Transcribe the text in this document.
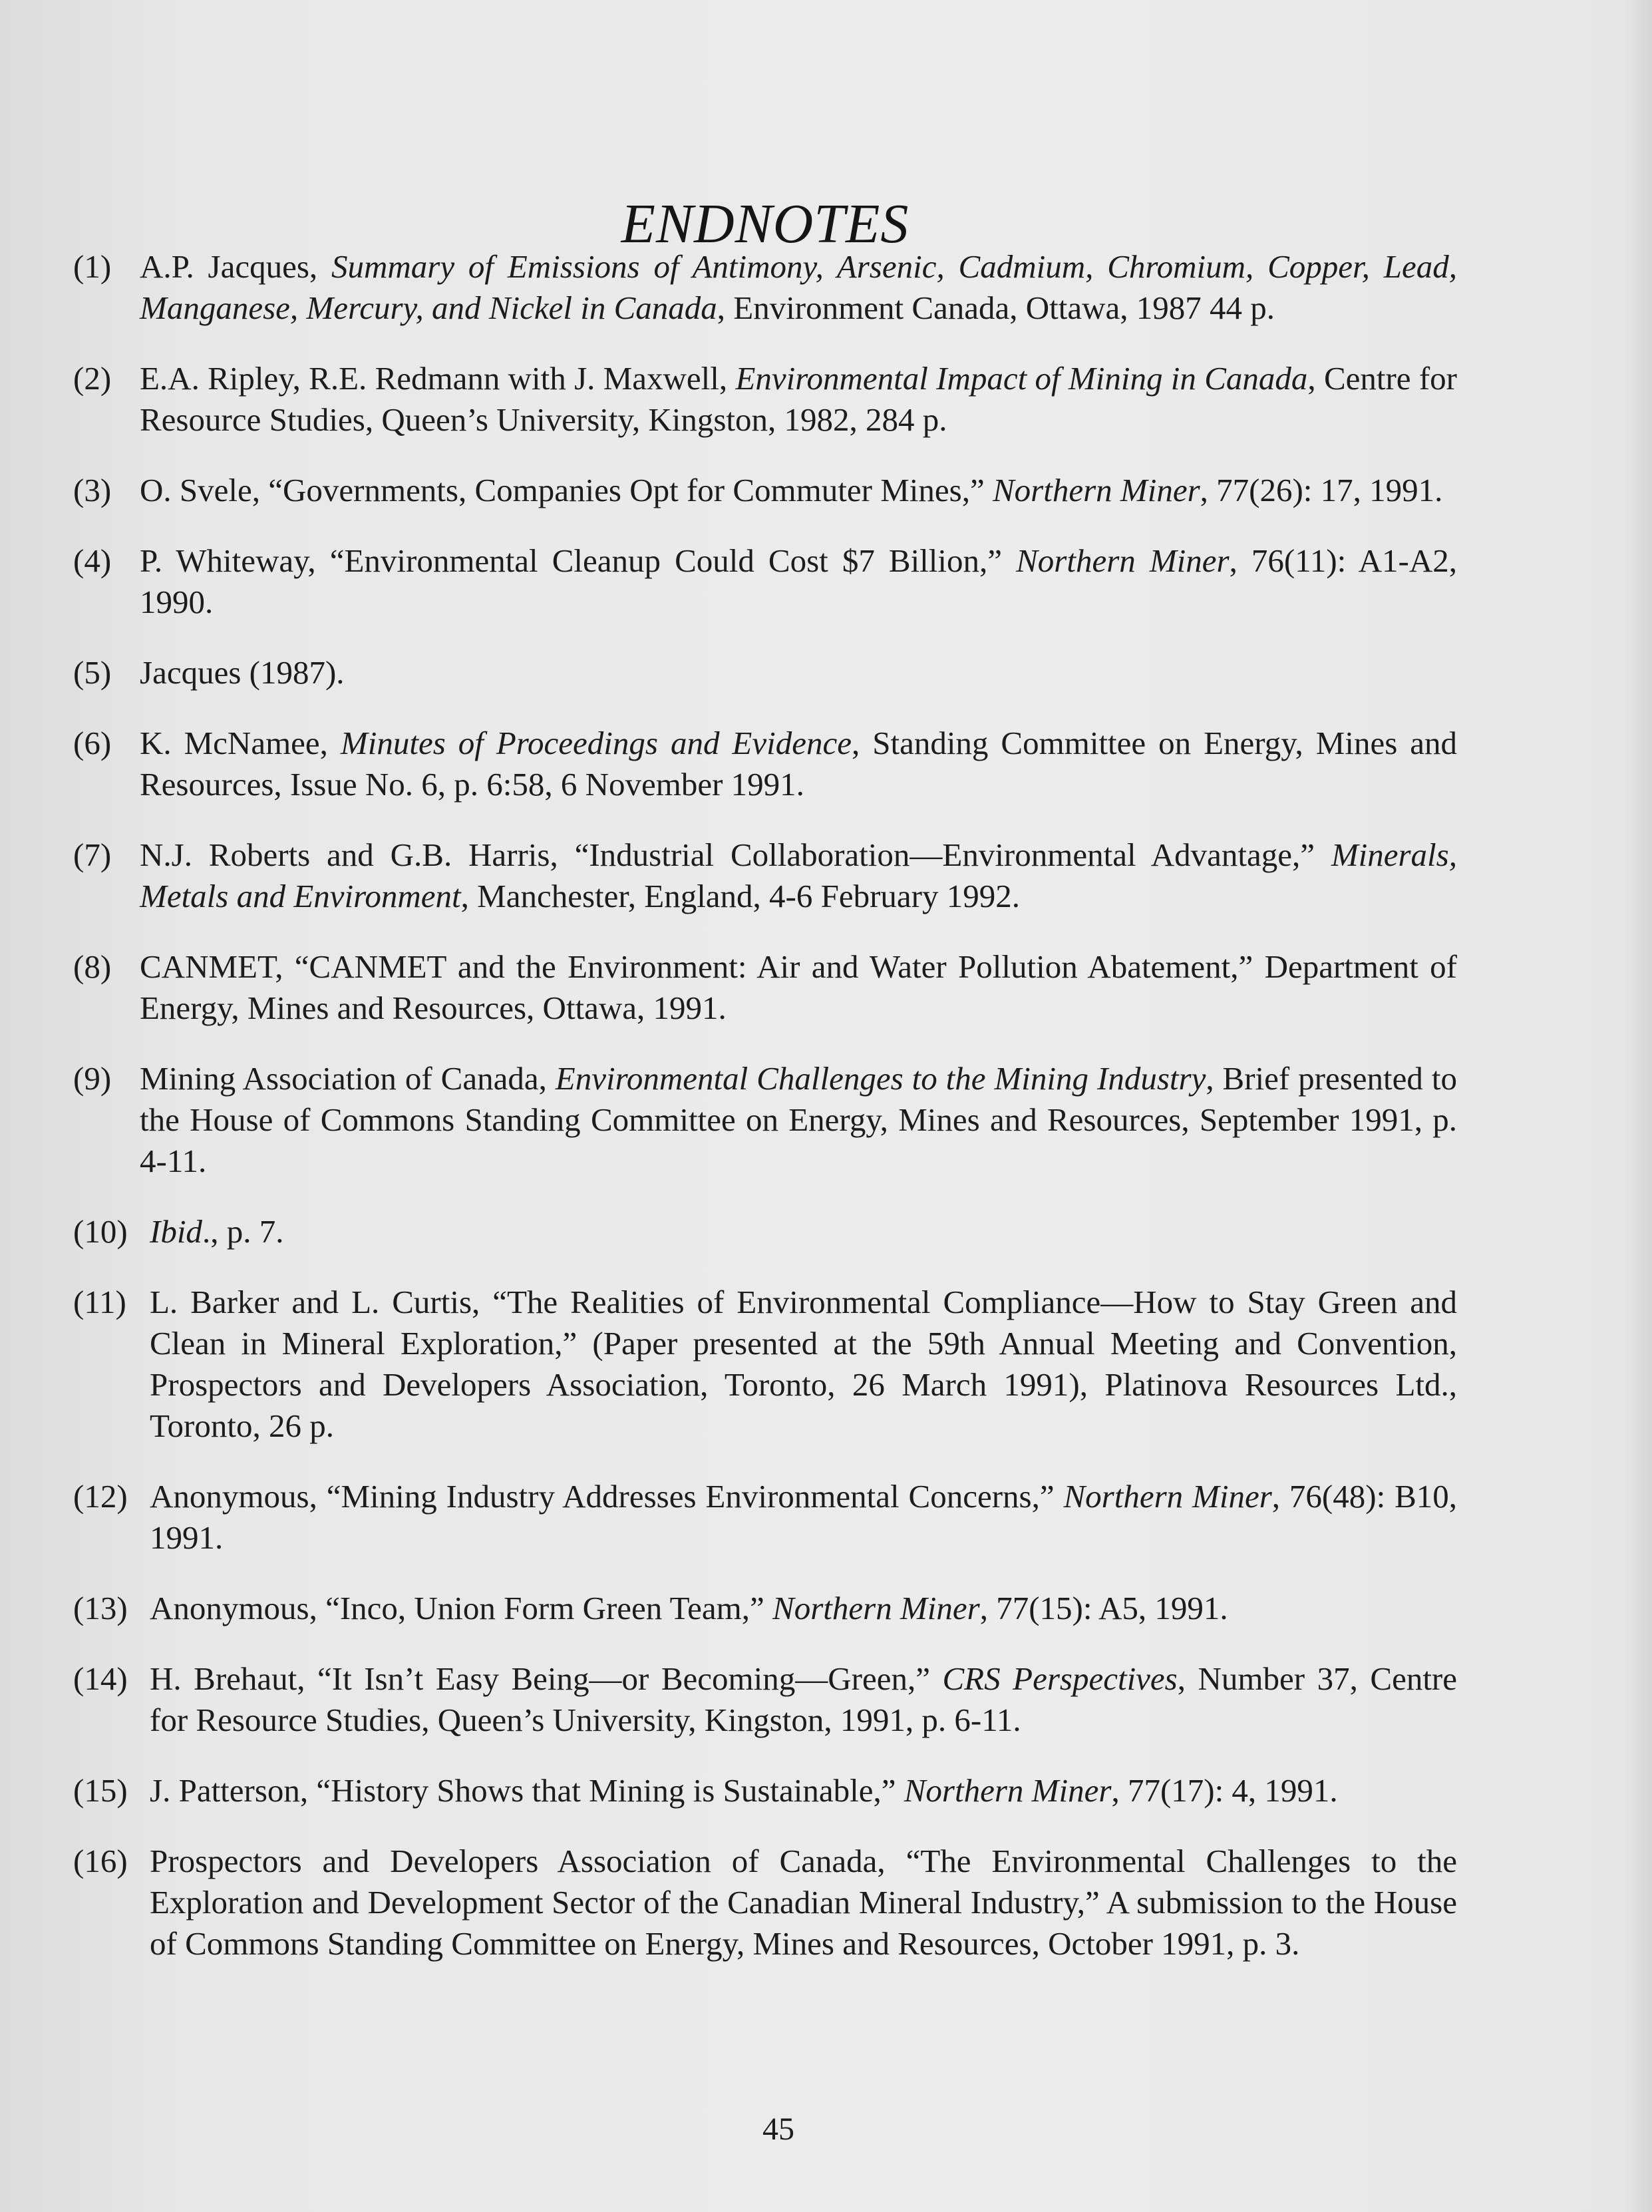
ENDNOTES
(1) A.P. Jacques, Summary of Emissions of Antimony, Arsenic, Cadmium, Chromium, Copper, Lead, Manganese, Mercury, and Nickel in Canada, Environment Canada, Ottawa, 1987 44 p.
(2) E.A. Ripley, R.E. Redmann with J. Maxwell, Environmental Impact of Mining in Canada, Centre for Resource Studies, Queen’s University, Kingston, 1982, 284 p.
(3) O. Svele, “Governments, Companies Opt for Commuter Mines,” Northern Miner, 77(26): 17, 1991.
(4) P. Whiteway, “Environmental Cleanup Could Cost $7 Billion,” Northern Miner, 76(11): A1-A2, 1990.
(5) Jacques (1987).
(6) K. McNamee, Minutes of Proceedings and Evidence, Standing Committee on Energy, Mines and Resources, Issue No. 6, p. 6:58, 6 November 1991.
(7) N.J. Roberts and G.B. Harris, “Industrial Collaboration—Environmental Advantage,” Minerals, Metals and Environment, Manchester, England, 4-6 February 1992.
(8) CANMET, “CANMET and the Environment: Air and Water Pollution Abatement,” Department of Energy, Mines and Resources, Ottawa, 1991.
(9) Mining Association of Canada, Environmental Challenges to the Mining Industry, Brief presented to the House of Commons Standing Committee on Energy, Mines and Resources, September 1991, p. 4-11.
(10) Ibid., p. 7.
(11) L. Barker and L. Curtis, “The Realities of Environmental Compliance—How to Stay Green and Clean in Mineral Exploration,” (Paper presented at the 59th Annual Meeting and Convention, Prospectors and Developers Association, Toronto, 26 March 1991), Platinova Resources Ltd., Toronto, 26 p.
(12) Anonymous, “Mining Industry Addresses Environmental Concerns,” Northern Miner, 76(48): B10, 1991.
(13) Anonymous, “Inco, Union Form Green Team,” Northern Miner, 77(15): A5, 1991.
(14) H. Brehaut, “It Isn’t Easy Being—or Becoming—Green,” CRS Perspectives, Number 37, Centre for Resource Studies, Queen’s University, Kingston, 1991, p. 6-11.
(15) J. Patterson, “History Shows that Mining is Sustainable,” Northern Miner, 77(17): 4, 1991.
(16) Prospectors and Developers Association of Canada, “The Environmental Challenges to the Exploration and Development Sector of the Canadian Mineral Industry,” A submission to the House of Commons Standing Committee on Energy, Mines and Resources, October 1991, p. 3.
45
